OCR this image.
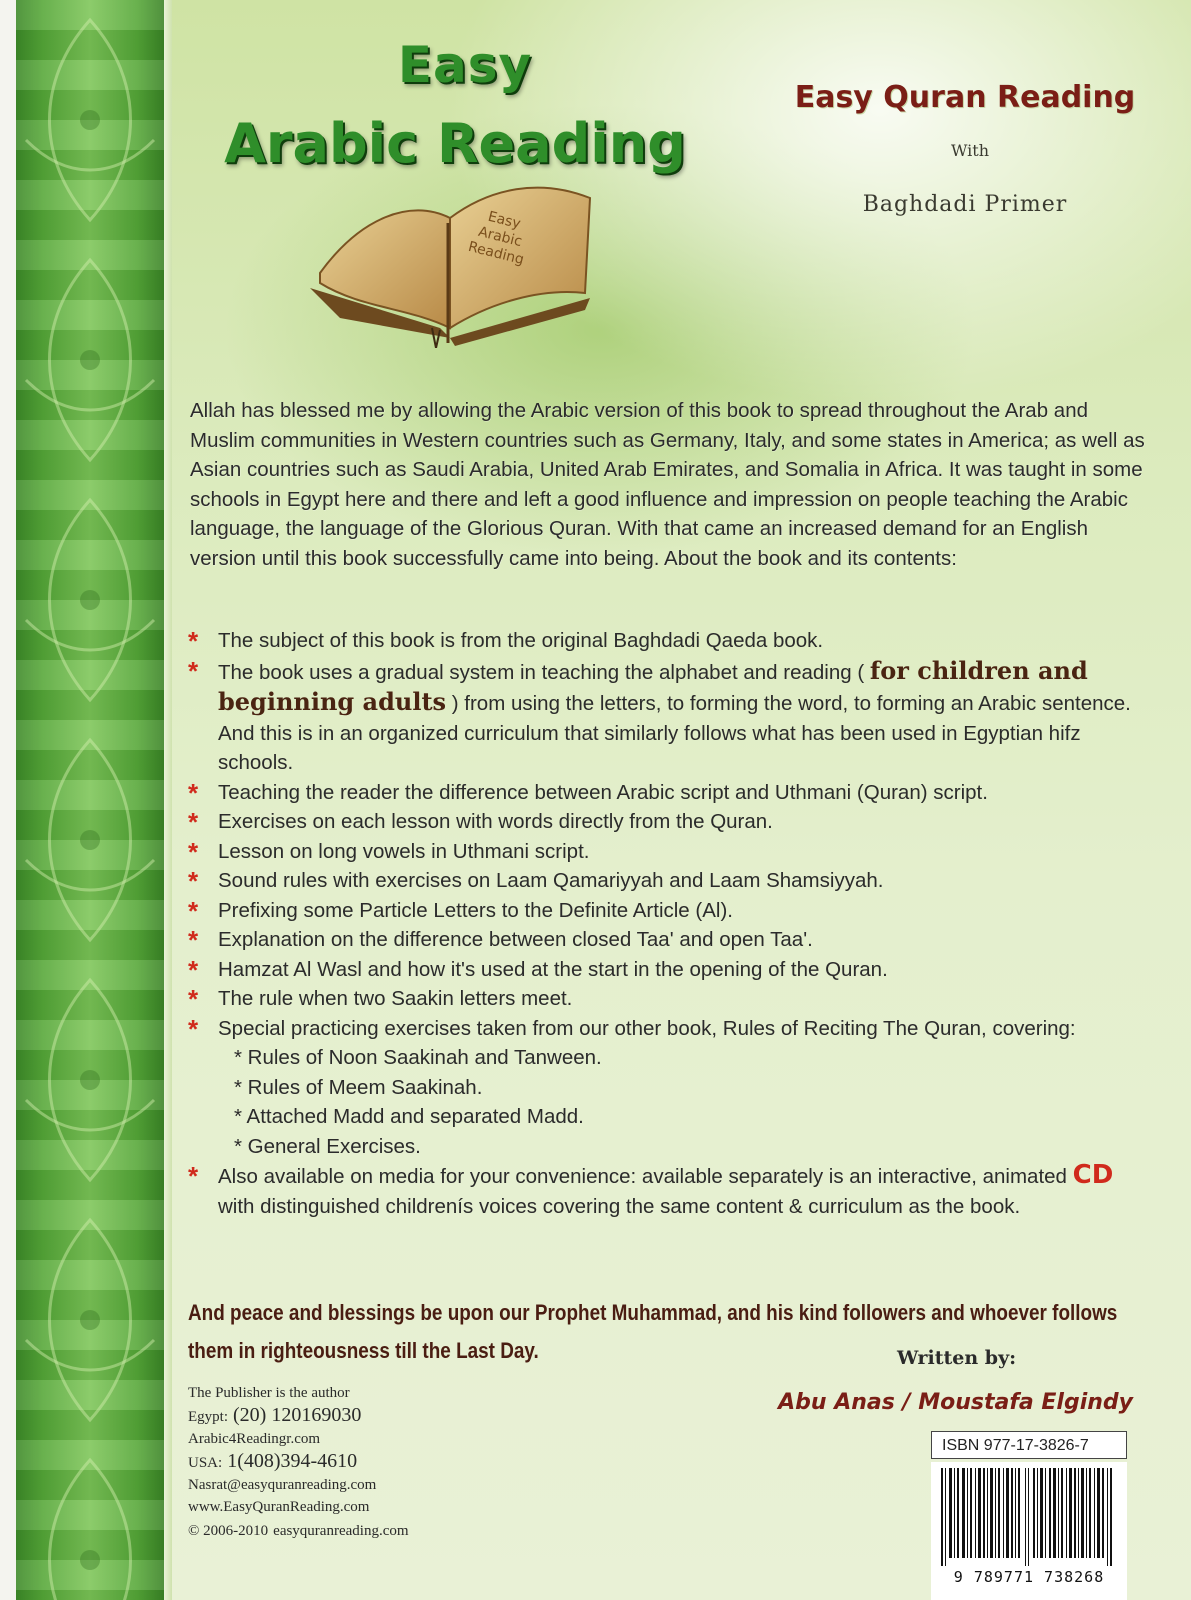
Easy
Arabic Reading
Easy
Arabic
Reading
Easy Quran Reading
With
Baghdadi Primer
Allah has blessed me by allowing the Arabic version of this book to spread throughout the Arab and Muslim communities in Western countries such as Germany, Italy, and some states in America; as well as Asian countries such as Saudi Arabia, United Arab Emirates, and Somalia in Africa. It was taught in some schools in Egypt here and there and left a good influence and impression on people teaching the Arabic language, the language of the Glorious Quran. With that came an increased demand for an English version until this book successfully came into being. About the book and its contents:
* The subject of this book is from the original Baghdadi Qaeda book.
* The book uses a gradual system in teaching the alphabet and reading ( for children and beginning adults ) from using the letters, to forming the word, to forming an Arabic sentence. And this is in an organized curriculum that similarly follows what has been used in Egyptian hifz schools.
* Teaching the reader the difference between Arabic script and Uthmani (Quran) script.
* Exercises on each lesson with words directly from the Quran.
* Lesson on long vowels in Uthmani script.
* Sound rules with exercises on Laam Qamariyyah and Laam Shamsiyyah.
* Prefixing some Particle Letters to the Definite Article (Al).
* Explanation on the difference between closed Taa' and open Taa'.
* Hamzat Al Wasl and how it's used at the start in the opening of the Quran.
* The rule when two Saakin letters meet.
* Special practicing exercises taken from our other book, Rules of Reciting The Quran, covering:
* Rules of Noon Saakinah and Tanween.
* Rules of Meem Saakinah.
* Attached Madd and separated Madd.
* General Exercises.
* Also available on media for your convenience: available separately is an interactive, animated CD with distinguished childrenís voices covering the same content & curriculum as the book.
And peace and blessings be upon our Prophet Muhammad, and his kind followers and whoever follows them in righteousness till the Last Day.	Written by:
Abu Anas / Moustafa Elgindy
The Publisher is the author
Egypt: (20) 120169030
Arabic4Readingr.com
USA: 1(408)394-4610
Nasrat@easyquranreading.com
www.EasyQuranReading.com
© 2006-2010 easyquranreading.com
ISBN 977-17-3826-7
9 789771 738268
